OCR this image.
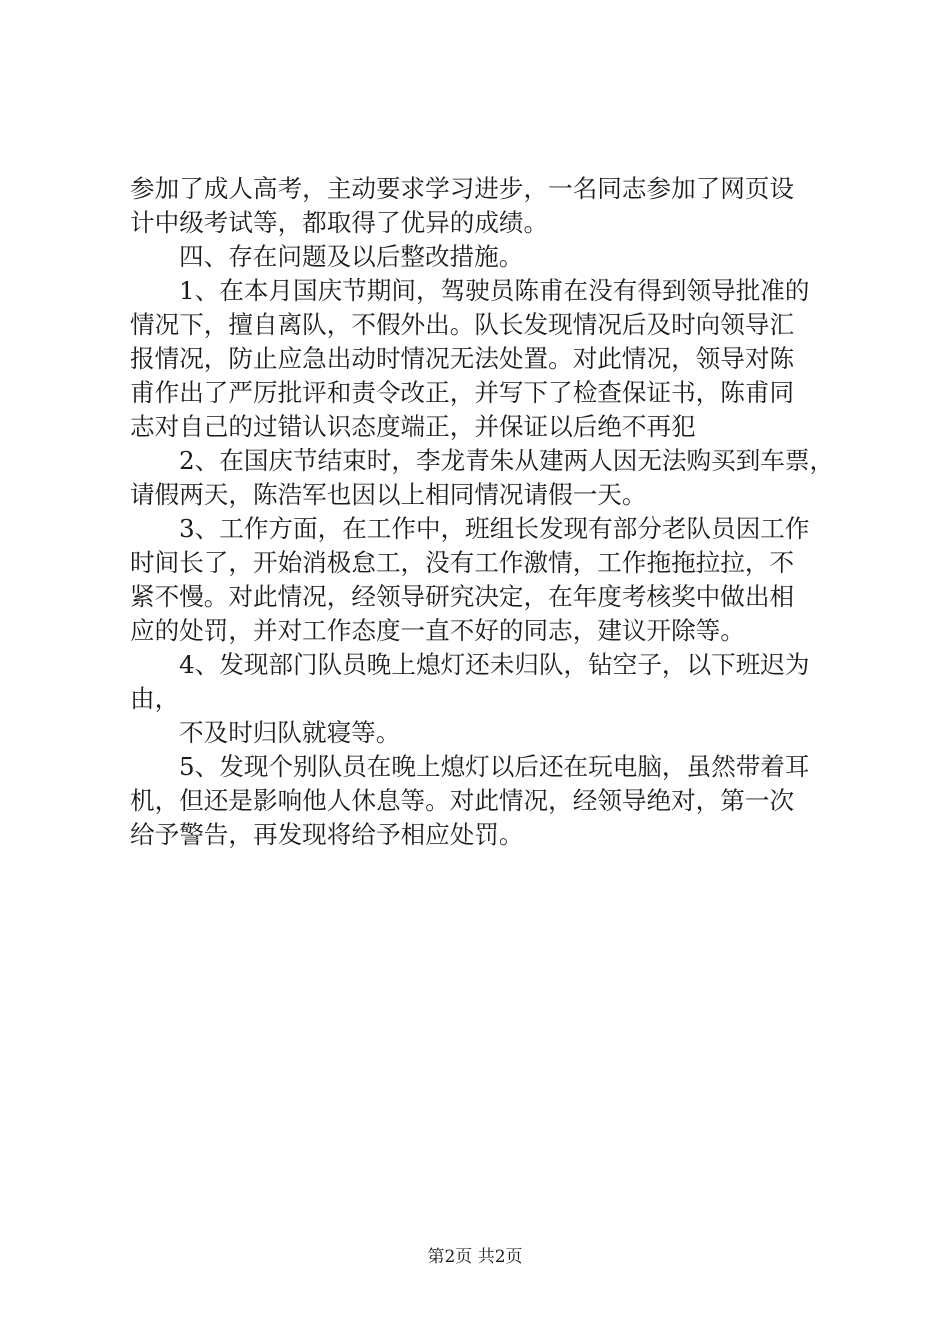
参加了成人高考，主动要求学习进步，一名同志参加了网页设
计中级考试等，都取得了优异的成绩。
四、存在问题及以后整改措施。
1、在本月国庆节期间，驾驶员陈甫在没有得到领导批准的
情况下，擅自离队，不假外出。队长发现情况后及时向领导汇
报情况，防止应急出动时情况无法处置。对此情况，领导对陈
甫作出了严厉批评和责令改正，并写下了检查保证书，陈甫同
志对自己的过错认识态度端正，并保证以后绝不再犯
2、在国庆节结束时，李龙青朱从建两人因无法购买到车票，
请假两天，陈浩军也因以上相同情况请假一天。
3、工作方面，在工作中，班组长发现有部分老队员因工作
时间长了，开始消极怠工，没有工作激情，工作拖拖拉拉，不
紧不慢。对此情况，经领导研究决定，在年度考核奖中做出相
应的处罚，并对工作态度一直不好的同志，建议开除等。
4、发现部门队员晚上熄灯还未归队，钻空子，以下班迟为
由，
不及时归队就寝等。
5、发现个别队员在晚上熄灯以后还在玩电脑，虽然带着耳
机，但还是影响他人休息等。对此情况，经领导绝对，第一次
给予警告，再发现将给予相应处罚。
第2页 共2页
